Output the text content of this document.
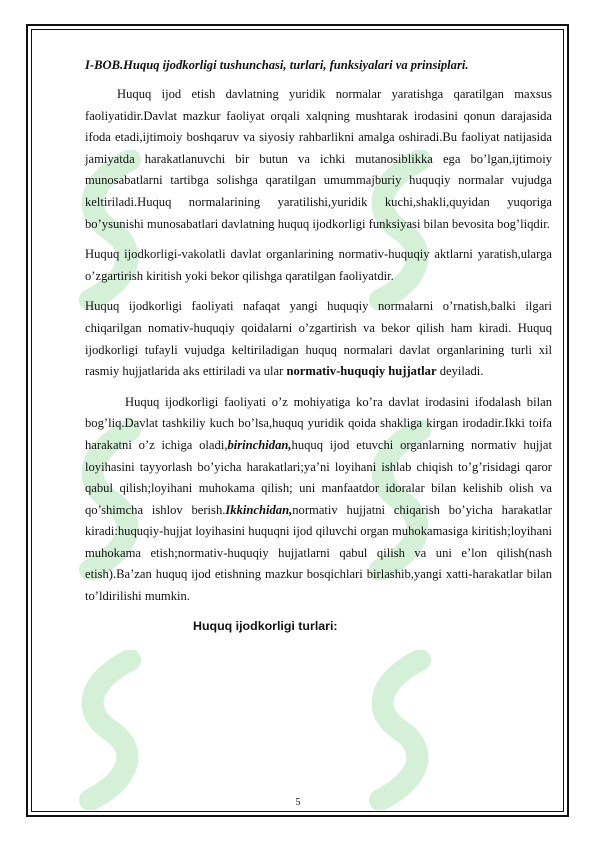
I-BOB.Huquq ijodkorligi tushunchasi, turlari, funksiyalari va prinsiplari.

Huquq ijod etish davlatning yuridik normalar yaratishga qaratilgan maxsus faoliyatidir.Davlat mazkur faoliyat orqali xalqning mushtarak irodasini qonun darajasida ifoda etadi,ijtimoiy boshqaruv va siyosiy rahbarlikni amalga oshiradi.Bu faoliyat natijasida jamiyatda harakatlanuvchi bir butun va ichki mutanosiblikka ega bo’lgan,ijtimoiy munosabatlarni tartibga solishga qaratilgan umummajburiy huquqiy normalar vujudga keltiriladi.Huquq normalarining yaratilishi,yuridik kuchi,shakli,quyidan yuqoriga bo’ysunishi munosabatlari davlatning huquq ijodkorligi funksiyasi bilan bevosita bog’liqdir.

Huquq ijodkorligi-vakolatli davlat organlarining normativ-huquqiy aktlarni yaratish,ularga o’zgartirish kiritish yoki bekor qilishga qaratilgan faoliyatdir.

Huquq ijodkorligi faoliyati nafaqat yangi huquqiy normalarni o’rnatish,balki ilgari chiqarilgan nomativ-huquqiy qoidalarni o’zgartirish va bekor qilish ham kiradi. Huquq ijodkorligi tufayli vujudga keltiriladigan huquq normalari davlat organlarining turli xil rasmiy hujjatlarida aks ettiriladi va ular normativ-huquqiy hujjatlar deyiladi.

Huquq ijodkorligi faoliyati o’z mohiyatiga ko’ra davlat irodasini ifodalash bilan bog’liq.Davlat tashkiliy kuch bo’lsa,huquq yuridik qoida shakliga kirgan irodadir.Ikki toifa harakatni o’z ichiga oladi,birinchidan,huquq ijod etuvchi organlarning normativ hujjat loyihasini tayyorlash bo’yicha harakatlari;ya’ni loyihani ishlab chiqish to’g’risidagi qaror qabul qilish;loyihani muhokama qilish; uni manfaatdor idoralar bilan kelishib olish va qo’shimcha ishlov berish.Ikkinchidan,normativ hujjatni chiqarish bo’yicha harakatlar kiradi:huquqiy-hujjat loyihasini huquqni ijod qiluvchi organ muhokamasiga kiritish;loyihani muhokama etish;normativ-huquqiy hujjatlarni qabul qilish va uni e’lon qilish(nash etish).Ba’zan huquq ijod etishning mazkur bosqichlari birlashib,yangi xatti-harakatlar bilan to’ldirilishi mumkin.

Huquq ijodkorligi turlari:
5
